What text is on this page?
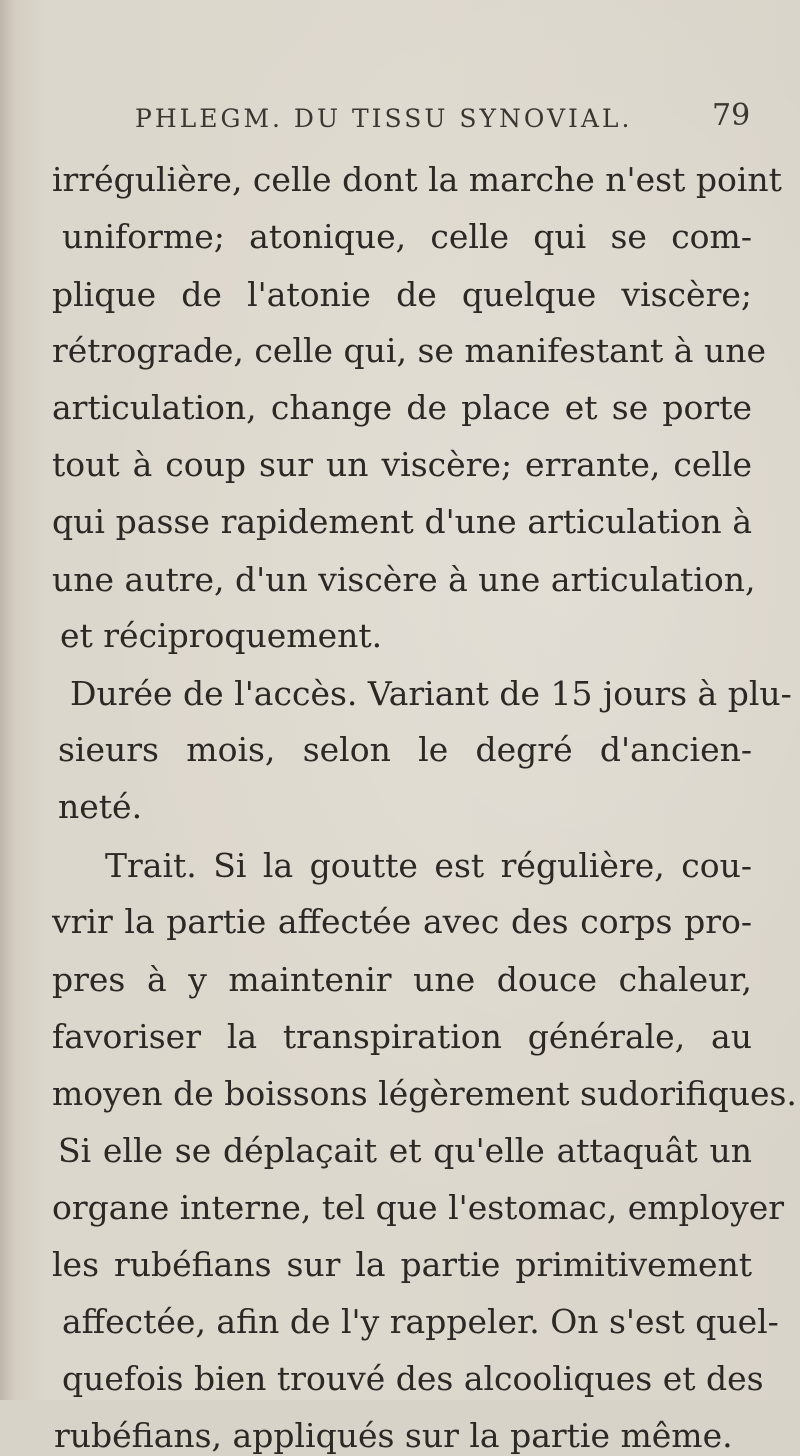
PHLEGM. DU TISSU SYNOVIAL.	79
irrégulière, celle dont la marche n'est point
uniforme; atonique, celle qui se com-
plique de l'atonie de quelque viscère;
rétrograde, celle qui, se manifestant à une
articulation, change de place et se porte
tout à coup sur un viscère; errante, celle
qui passe rapidement d'une articulation à
une autre, d'un viscère à une articulation,
et réciproquement.
Durée de l'accès. Variant de 15 jours à plu-
sieurs mois, selon le degré d'ancien-
neté.
Trait. Si la goutte est régulière, cou-
vrir la partie affectée avec des corps pro-
pres à y maintenir une douce chaleur,
favoriser la transpiration générale, au
moyen de boissons légèrement sudorifiques.
Si elle se déplaçait et qu'elle attaquât un
organe interne, tel que l'estomac, employer
les rubéfians sur la partie primitivement
affectée, afin de l'y rappeler. On s'est quel-
quefois bien trouvé des alcooliques et des
rubéfians, appliqués sur la partie même.
